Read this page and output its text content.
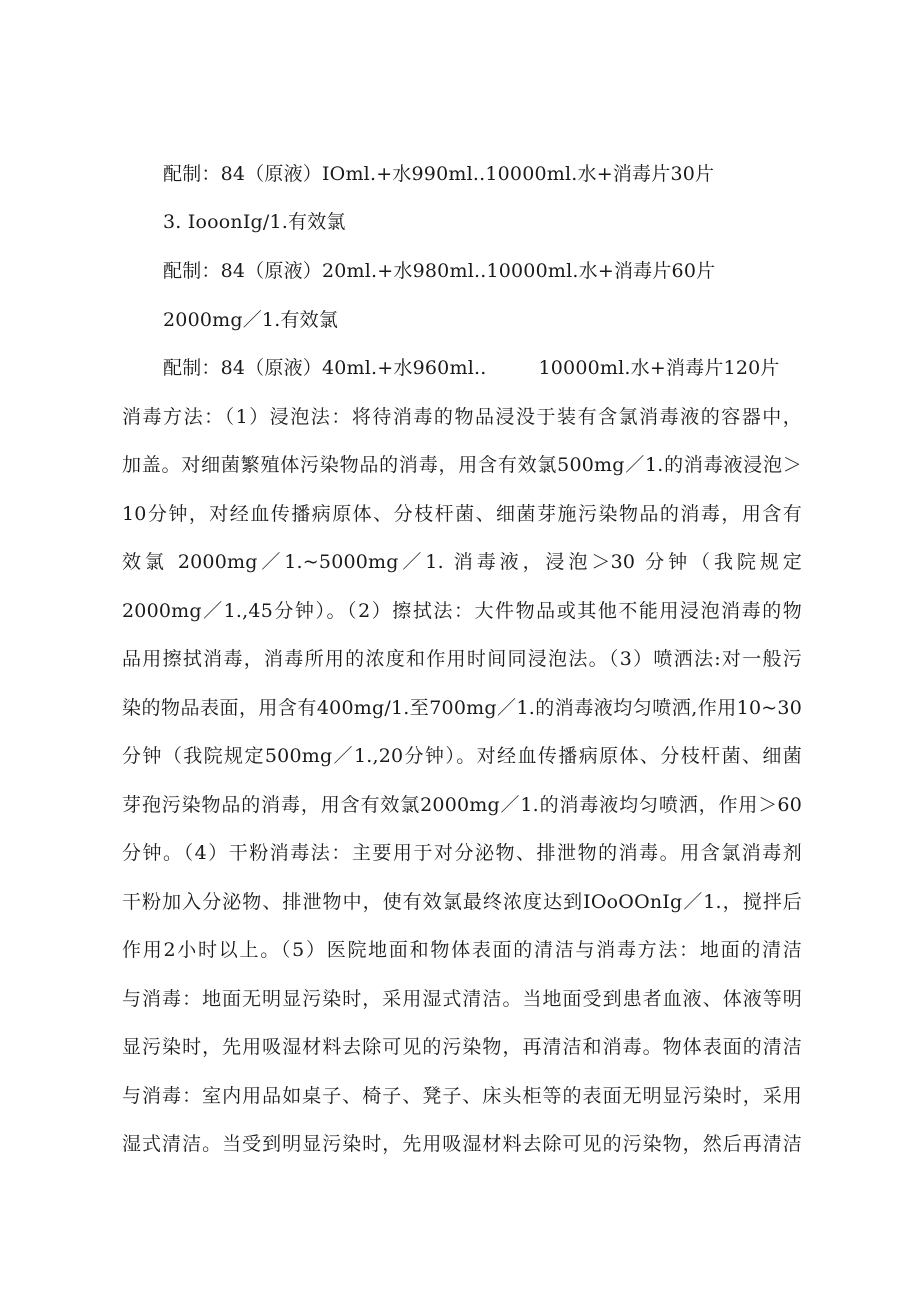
配制：84（原液）IOml.+水990ml..10000ml.水+消毒片30片
3. IooonIg/1.有效氯
配制：84（原液）20ml.+水980ml..10000ml.水+消毒片60片
2000mg／1.有效氯
配制：84（原液）40ml.+水960ml..	10000ml.水+消毒片120片
消毒方法：（1）浸泡法：将待消毒的物品浸没于装有含氯消毒液的容器中，
加盖。对细菌繁殖体污染物品的消毒，用含有效氯500mg／1.的消毒液浸泡＞
10分钟，对经血传播病原体、分枝杆菌、细菌芽施污染物品的消毒，用含有
效氯 2000mg／1.~5000mg／1. 消毒液，浸泡＞30 分钟（我院规定
2000mg／1.,45分钟）。（2）擦拭法：大件物品或其他不能用浸泡消毒的物
品用擦拭消毒，消毒所用的浓度和作用时间同浸泡法。（3）喷洒法:对一般污
染的物品表面，用含有400mg/1.至700mg／1.的消毒液均匀喷洒,作用10~30
分钟（我院规定500mg／1.,20分钟）。对经血传播病原体、分枝杆菌、细菌
芽孢污染物品的消毒，用含有效氯2000mg／1.的消毒液均匀喷洒，作用＞60
分钟。（4）干粉消毒法：主要用于对分泌物、排泄物的消毒。用含氯消毒剂
干粉加入分泌物、排泄物中，使有效氯最终浓度达到IOoOOnIg／1.，搅拌后
作用2小时以上。（5）医院地面和物体表面的清洁与消毒方法：地面的清洁
与消毒：地面无明显污染时，采用湿式清洁。当地面受到患者血液、体液等明
显污染时，先用吸湿材料去除可见的污染物，再清洁和消毒。物体表面的清洁
与消毒：室内用品如桌子、椅子、凳子、床头柜等的表面无明显污染时，采用
湿式清洁。当受到明显污染时，先用吸湿材料去除可见的污染物，然后再清洁
